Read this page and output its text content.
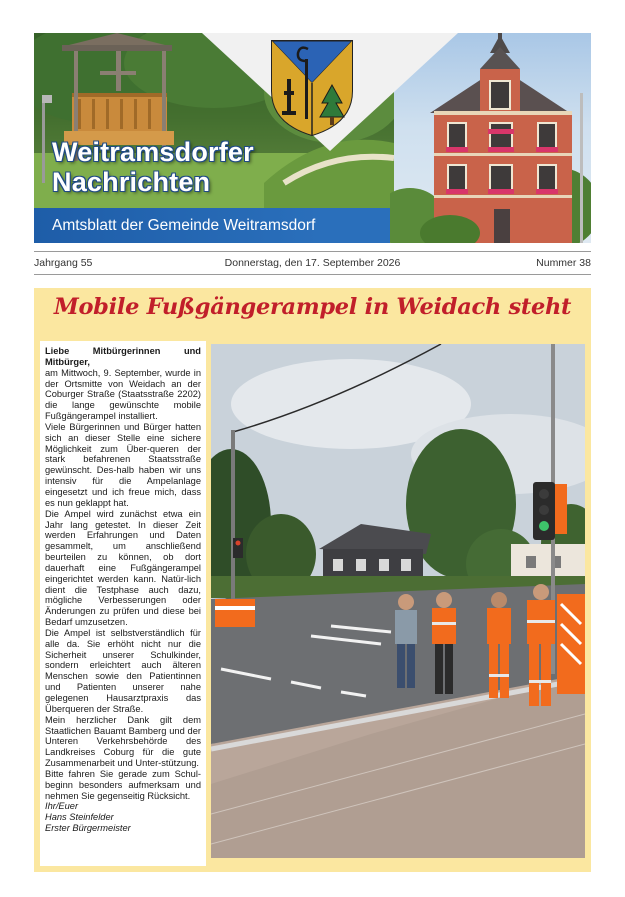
Weitramsdorfer
Nachrichten
Amtsblatt der Gemeinde Weitramsdorf
Donnerstag, den 17. September 2026
Jahrgang 55	Nummer 38
Mobile Fußgängerampel in Weidach steht

Liebe Mitbürgerinnen und Mitbürger,

am Mittwoch, 9. September, wurde in der Ortsmitte von Weidach an der Coburger Straße (Staatsstraße 2202) die lange gewünschte mobile Fußgängerampel installiert.

Viele Bürgerinnen und Bürger hatten sich an dieser Stelle eine sichere Möglichkeit zum Über-queren der stark befahrenen Staatsstraße gewünscht. Des-halb haben wir uns intensiv für die Ampelanlage eingesetzt und ich freue mich, dass es nun geklappt hat.

Die Ampel wird zunächst etwa ein Jahr lang getestet. In dieser Zeit werden Erfahrungen und Daten gesammelt, um anschließend beurteilen zu können, ob dort dauerhaft eine Fußgängerampel eingerichtet werden kann. Natür-lich dient die Testphase auch dazu, mögliche Verbesserungen oder Änderungen zu prüfen und diese bei Bedarf umzusetzen.

Die Ampel ist selbstverständlich für alle da. Sie erhöht nicht nur die Sicherheit unserer Schulkinder, sondern erleichtert auch älteren Menschen sowie den Patientinnen und Patienten unserer nahe gelegenen Hausarztpraxis das Überqueren der Straße.

Mein herzlicher Dank gilt dem Staatlichen Bauamt Bamberg und der Unteren Verkehrsbehörde des Landkreises Coburg für die gute Zusammenarbeit und Unter-stützung.

Bitte fahren Sie gerade zum Schul-beginn besonders aufmerksam und nehmen Sie gegenseitig Rücksicht.

Ihr/Euer

Hans Steinfelder

Erster Bürgermeister
